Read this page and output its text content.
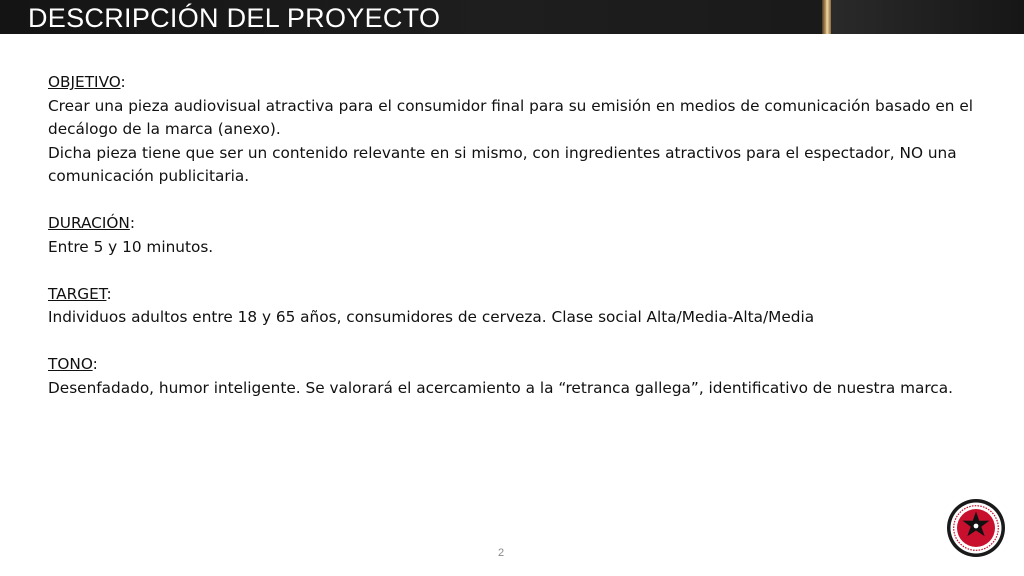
DESCRIPCIÓN DEL PROYECTO

OBJETIVO:

Crear una pieza audiovisual atractiva para el consumidor final para su emisión en medios de comunicación basado en el decálogo de la marca (anexo).

Dicha pieza tiene que ser un contenido relevante en si mismo, con ingredientes atractivos para el espectador, NO una comunicación publicitaria.

DURACIÓN:

Entre 5 y 10 minutos.

TARGET:

Individuos adultos entre 18 y 65 años, consumidores de cerveza. Clase social Alta/Media-Alta/Media

TONO:

Desenfadado, humor inteligente. Se valorará el acercamiento a la “retranca gallega”, identificativo de nuestra marca.

2
